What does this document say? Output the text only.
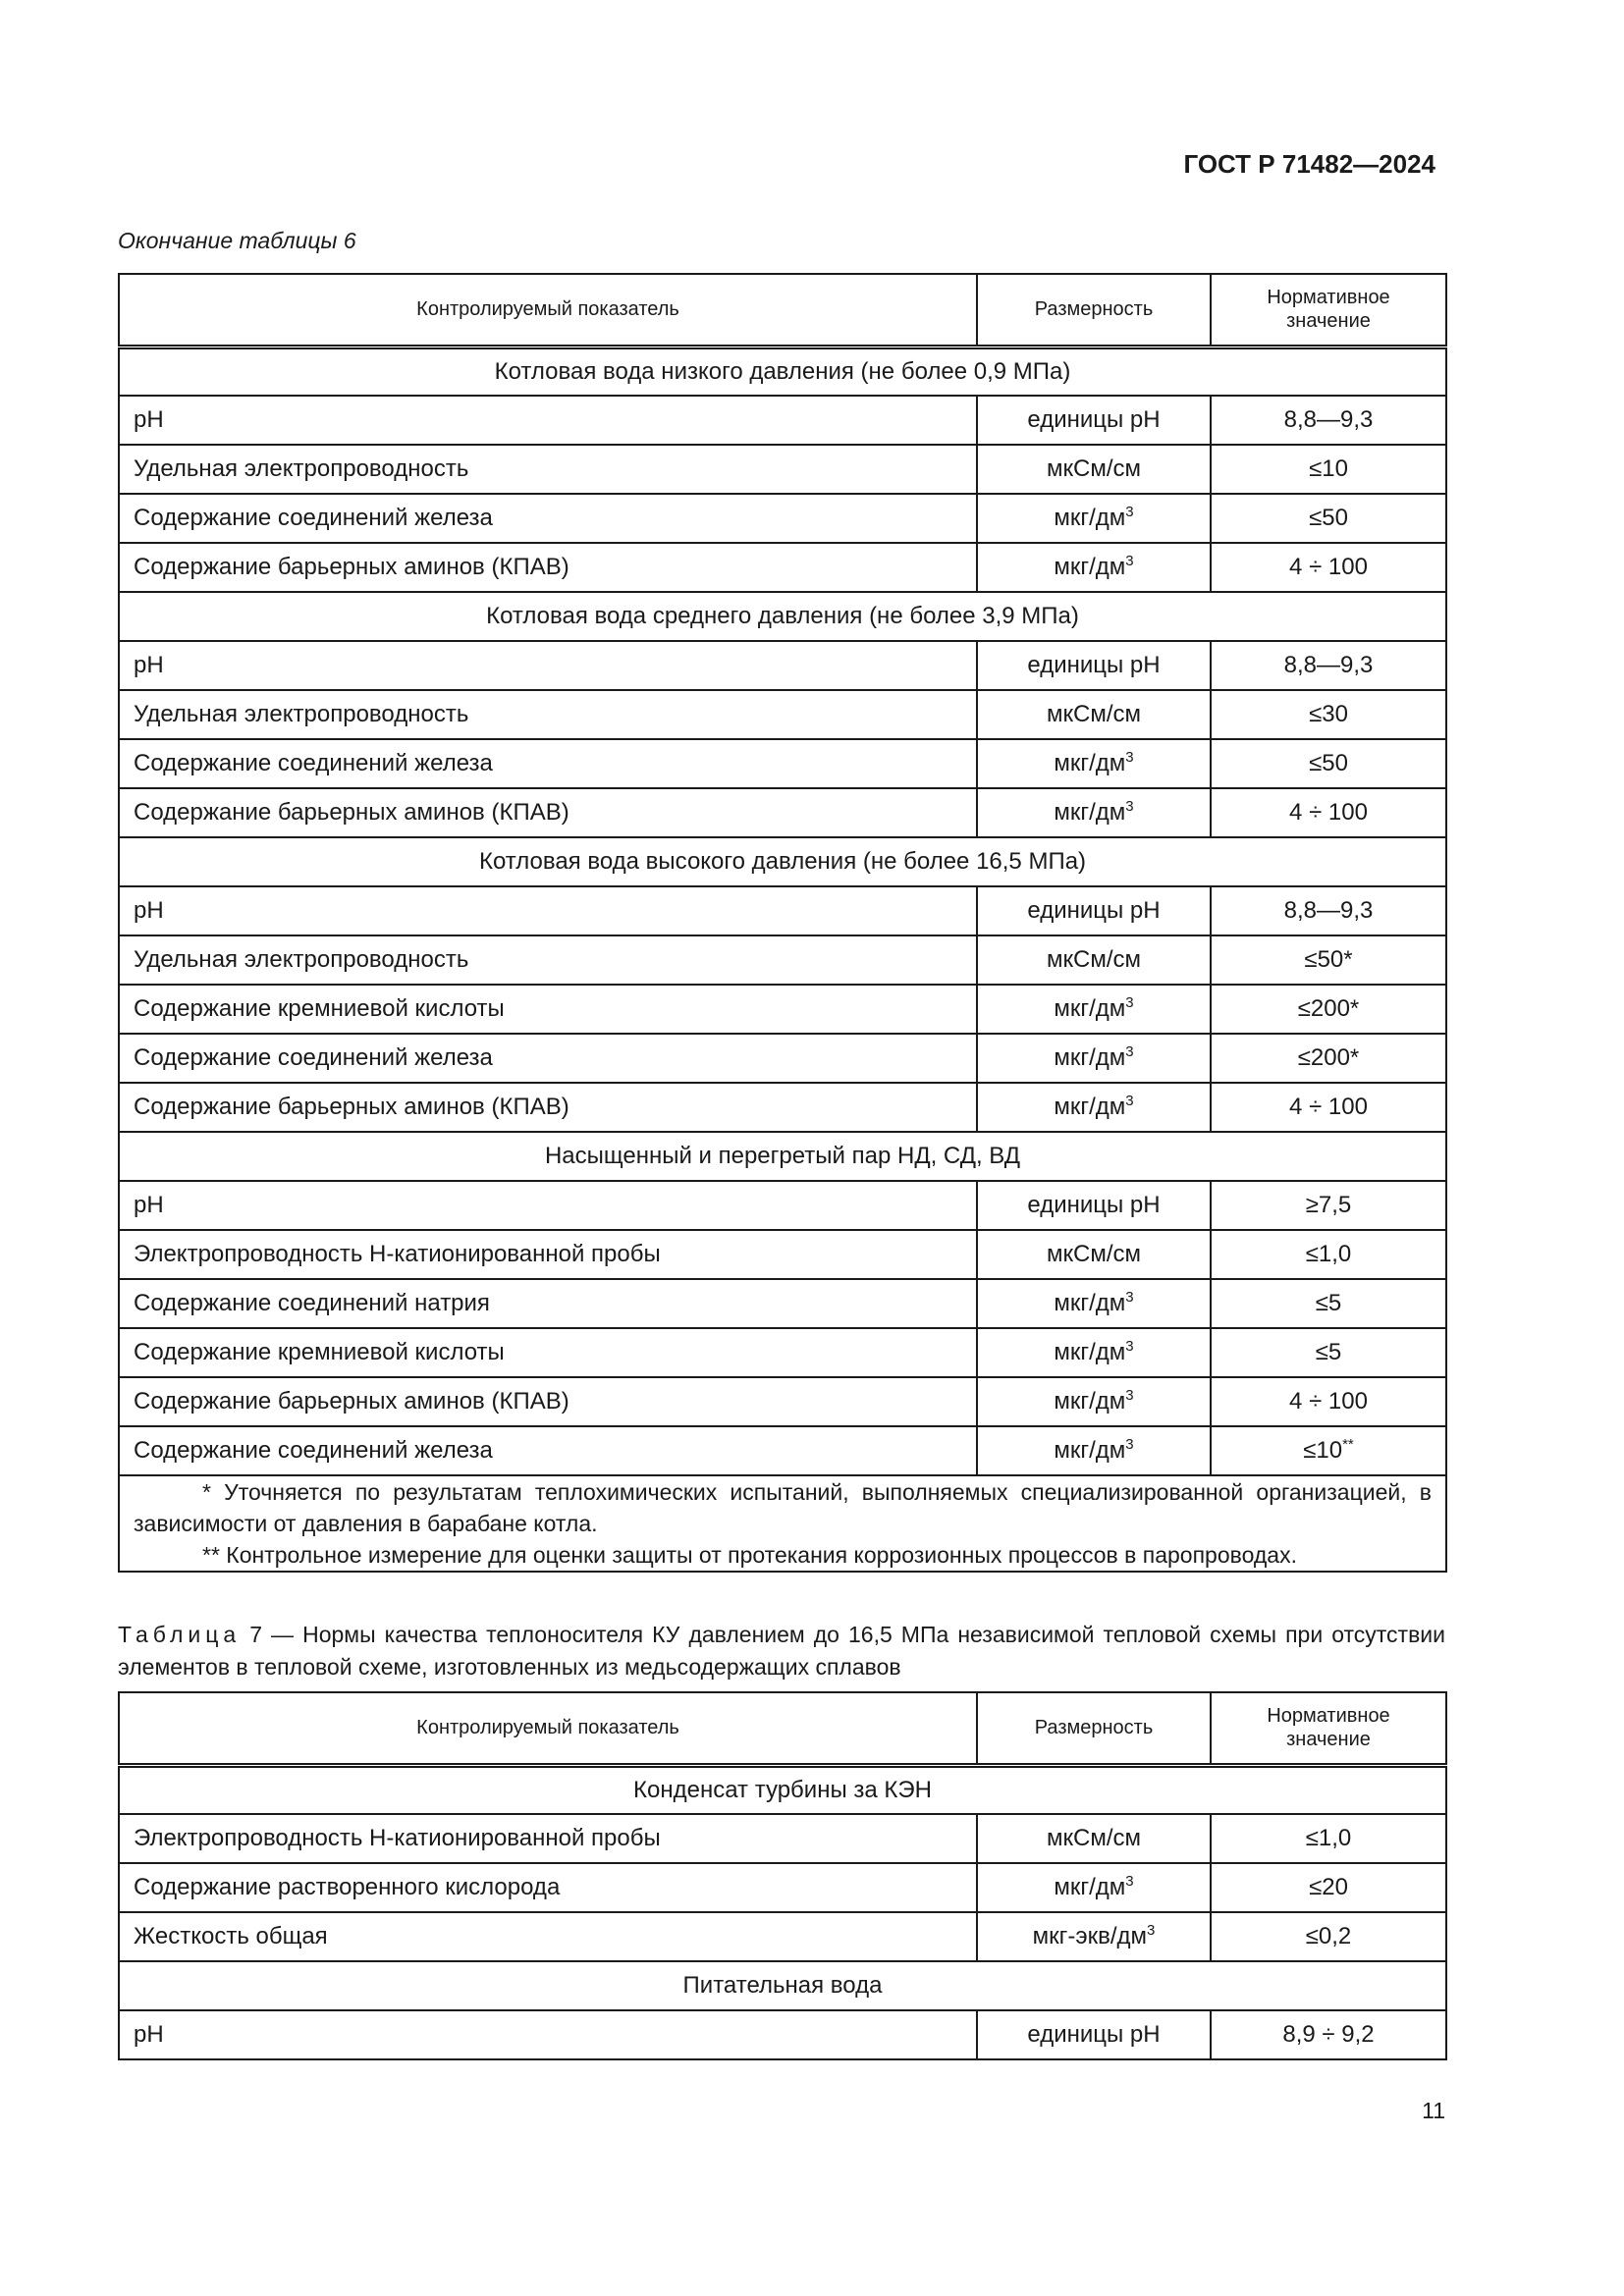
ГОСТ Р 71482—2024
Окончание таблицы 6
Контролируемый показатель	Размерность	Нормативное
значение
Котловая вода низкого давления (не более 0,9 МПа)		
pH	единицы pH	8,8—9,3
Удельная электропроводность	мкСм/см	≤10
Содержание соединений железа	мкг/$дм^3$	≤50
Содержание барьерных аминов (КПАВ)	мкг/$дм^3$	4 ÷ 100
Котловая вода среднего давления (не более 3,9 МПа)		
pH	единицы pH	8,8—9,3
Удельная электропроводность	мкСм/см	≤30
Содержание соединений железа	мкг/$дм^3$	≤50
Содержание барьерных аминов (КПАВ)	мкг/$дм^3$	4 ÷ 100
Котловая вода высокого давления (не более 16,5 МПа)		
pH	единицы pH	8,8—9,3
Удельная электропроводность	мкСм/см	≤50*
Содержание кремниевой кислоты	мкг/$дм^3$	≤200*
Содержание соединений железа	мкг/$дм^3$	≤200*
Содержание барьерных аминов (КПАВ)	мкг/$дм^3$	4 ÷ 100
Насыщенный и перегретый пар НД, СД, ВД		
pH	единицы pH	≥7,5
Электропроводность Н-катионированной пробы	мкСм/см	≤1,0
Содержание соединений натрия	мкг/$дм^3$	≤5
Содержание кремниевой кислоты	мкг/$дм^3$	≤5
Содержание барьерных аминов (КПАВ)	мкг/$дм^3$	4 ÷ 100
Содержание соединений железа	мкг/$дм^3$	≤10**

* Уточняется по результатам теплохимических испытаний, выполняемых специализированной организацией, в зависимости от давления в барабане котла.

** Контрольное измерение для оценки защиты от протекания коррозионных процессов в паропроводах.		

Таблица 7 — Нормы качества теплоносителя КУ давлением до 16,5 МПа независимой тепловой схемы при отсутствии элементов в тепловой схеме, изготовленных из медьсодержащих сплавов
Контролируемый показатель	Размерность	Нормативное
значение
Конденсат турбины за КЭН		
Электропроводность Н-катионированной пробы	мкСм/см	≤1,0
Содержание растворенного кислорода	мкг/$дм^3$	≤20
Жесткость общая	мкг-$экв/дм^3$	≤0,2
Питательная вода		
pH	единицы pH	8,9 ÷ 9,2
11
